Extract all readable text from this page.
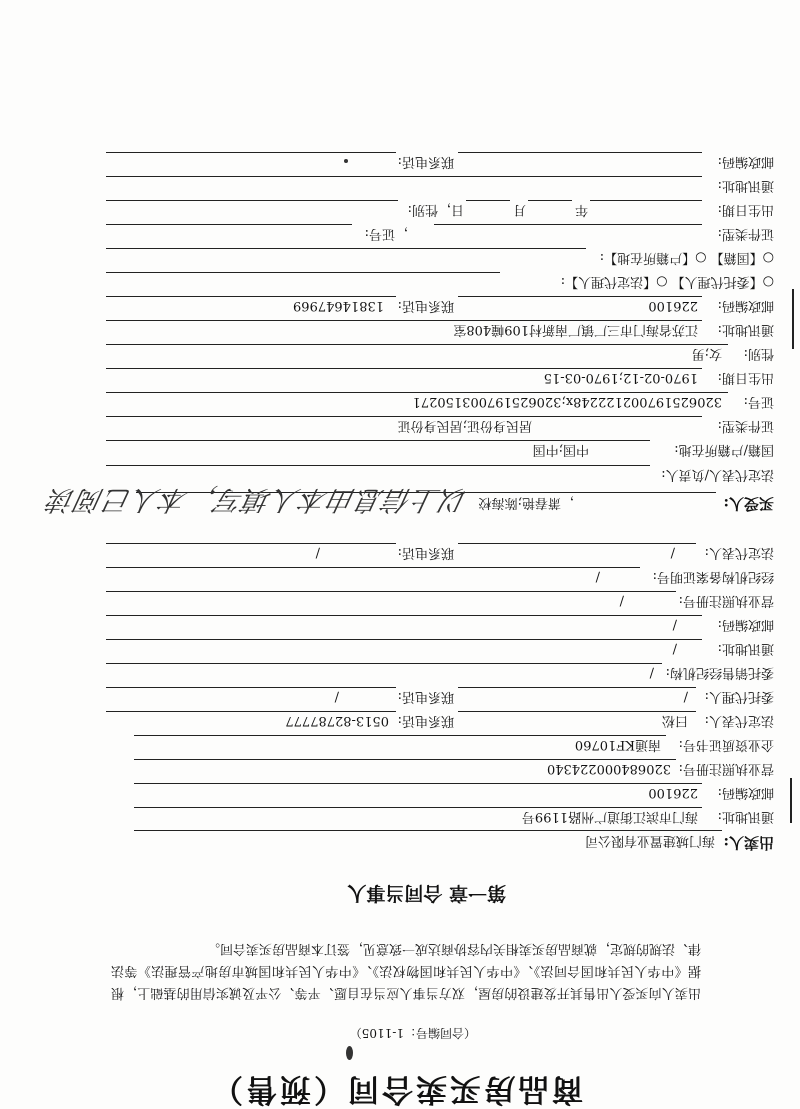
商品房买卖合同（预售）
（合同编号：1-1105）
出卖人向买受人出售其开发建设的房屋，双方当事人应当在自愿、平等、公平及诚实信用的基础上，根据《中华人民共和国合同法》、《中华人民共和国物权法》、《中华人民共和国城市房地产管理法》等法律、法规的规定，就商品房买卖相关内容协商达成一致意见，签订本商品房买卖合同。
第一章 合同当事人
出卖人:
海门城建置业有限公司
通讯地址:
海门市滨江街道广州路1199号
邮政编码:
226100
营业执照注册号:
320684000224340
企业资质证书号:
南通KF10760
法定代表人:
曰松
联系电话:
0513-82787777
委托代理人:
/
联系电话:
/
委托销售经纪机构:
/
通讯地址:
/
邮政编码:
/
营业执照注册号:
/
经纪机构备案证明号:
/
法定代表人:
/
联系电话:
/
买受人:
，萧春艳;陈海校
以上信息由本人填写，本人已阅读
法定代表人/负责人:
国籍/户籍所在地:
中国;中国
证件类型:
居民身份证;居民身份证
证号:
320625197002122248x;320625197003150271
出生日期:
1970-02-12;1970-03-15
性别:
女;男
通讯地址:
江苏省海门市三厂镇厂南新村109幢408室
邮政编码:
226100
联系电话:
13814647969
○【委托代理人】 ○【法定代理人】:
○【国籍】 ○【户籍所在地】:
证件类型:
，证号:
出生日期:
年
月
日，性别:
通讯地址:
邮政编码:
联系电话:
